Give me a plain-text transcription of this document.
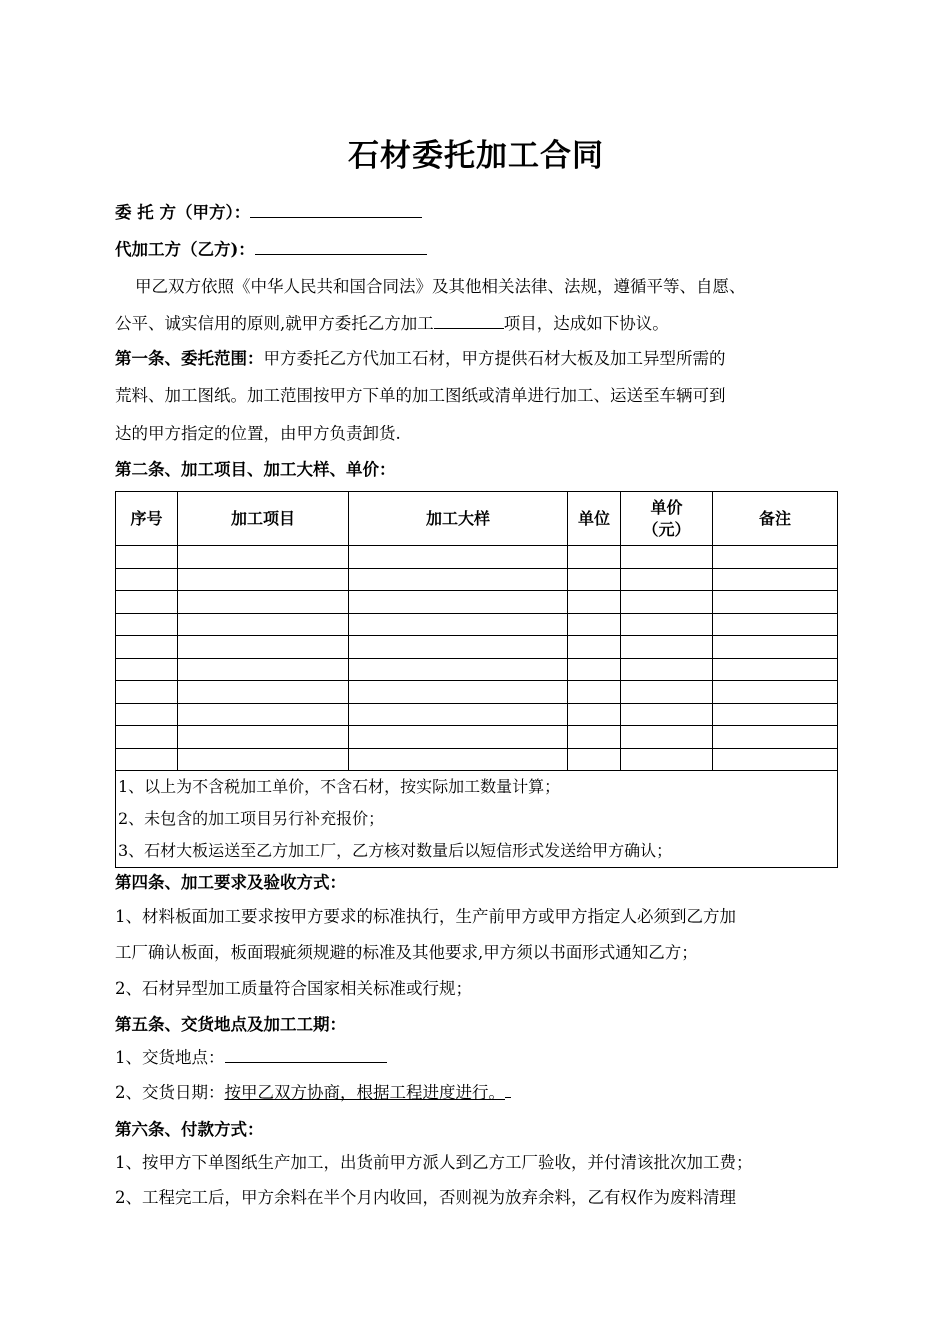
石材委托加工合同
委 托 方（甲方）：
代加工方（乙方)：
甲乙双方依照《中华人民共和国合同法》及其他相关法律、法规，遵循平等、自愿、
公平、诚实信用的原则,就甲方委托乙方加工	项目，达成如下协议。
第一条、委托范围：甲方委托乙方代加工石材，甲方提供石材大板及加工异型所需的
荒料、加工图纸。加工范围按甲方下单的加工图纸或清单进行加工、运送至车辆可到
达的甲方指定的位置，由甲方负责卸货.
第二条、加工项目、加工大样、单价：
序号	加工项目	加工大样	单位	单价
（元）	备注

1、以上为不含税加工单价，不含石材，按实际加工数量计算；
2、未包含的加工项目另行补充报价；
3、石材大板运送至乙方加工厂，乙方核对数量后以短信形式发送给甲方确认；					
第四条、加工要求及验收方式：
1、材料板面加工要求按甲方要求的标准执行，生产前甲方或甲方指定人必须到乙方加
工厂确认板面，板面瑕疵须规避的标准及其他要求,甲方须以书面形式通知乙方；
2、石材异型加工质量符合国家相关标准或行规；
第五条、交货地点及加工工期：
1、交货地点：
2、交货日期：按甲乙双方协商，根据工程进度进行。
第六条、付款方式：
1、按甲方下单图纸生产加工，出货前甲方派人到乙方工厂验收，并付清该批次加工费；
2、工程完工后，甲方余料在半个月内收回，否则视为放弃余料，乙有权作为废料清理
